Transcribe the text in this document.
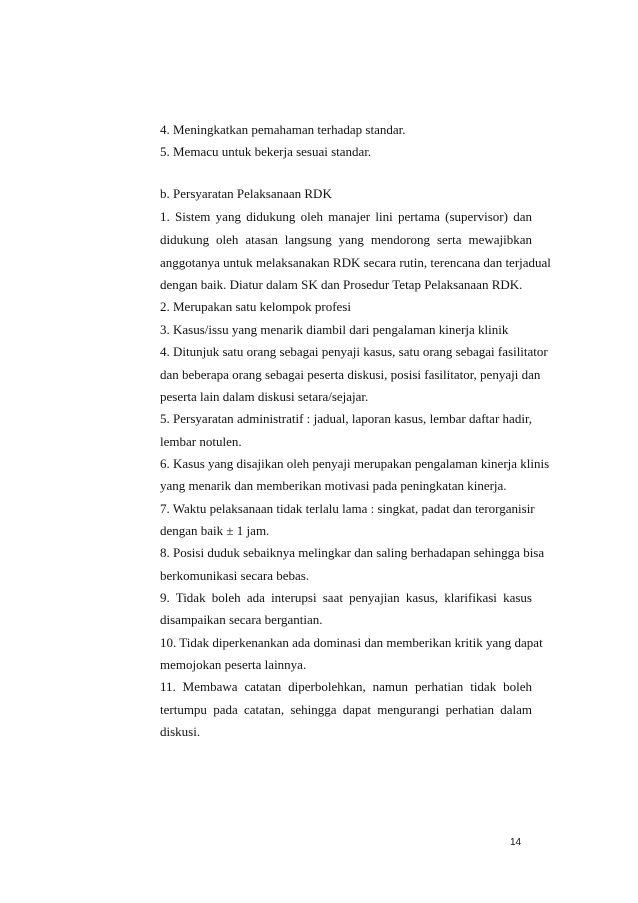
4. Meningkatkan pemahaman terhadap standar.
5. Memacu untuk bekerja sesuai standar.
b. Persyaratan Pelaksanaan RDK
1. Sistem yang didukung oleh manajer lini pertama (supervisor) dan
didukung oleh atasan langsung yang mendorong serta mewajibkan
anggotanya untuk melaksanakan RDK secara rutin, terencana dan terjadual
dengan baik. Diatur dalam SK dan Prosedur Tetap Pelaksanaan RDK.
2. Merupakan satu kelompok profesi
3. Kasus/issu yang menarik diambil dari pengalaman kinerja klinik
4. Ditunjuk satu orang sebagai penyaji kasus, satu orang sebagai fasilitator
dan beberapa orang sebagai peserta diskusi, posisi fasilitator, penyaji dan
peserta lain dalam diskusi setara/sejajar.
5. Persyaratan administratif : jadual, laporan kasus, lembar daftar hadir,
lembar notulen.
6. Kasus yang disajikan oleh penyaji merupakan pengalaman kinerja klinis
yang menarik dan memberikan motivasi pada peningkatan kinerja.
7. Waktu pelaksanaan tidak terlalu lama : singkat, padat dan terorganisir
dengan baik ± 1 jam.
8. Posisi duduk sebaiknya melingkar dan saling berhadapan sehingga bisa
berkomunikasi secara bebas.
9. Tidak boleh ada interupsi saat penyajian kasus, klarifikasi kasus
disampaikan secara bergantian.
10. Tidak diperkenankan ada dominasi dan memberikan kritik yang dapat
memojokan peserta lainnya.
11. Membawa catatan diperbolehkan, namun perhatian tidak boleh
tertumpu pada catatan, sehingga dapat mengurangi perhatian dalam
diskusi.
14
